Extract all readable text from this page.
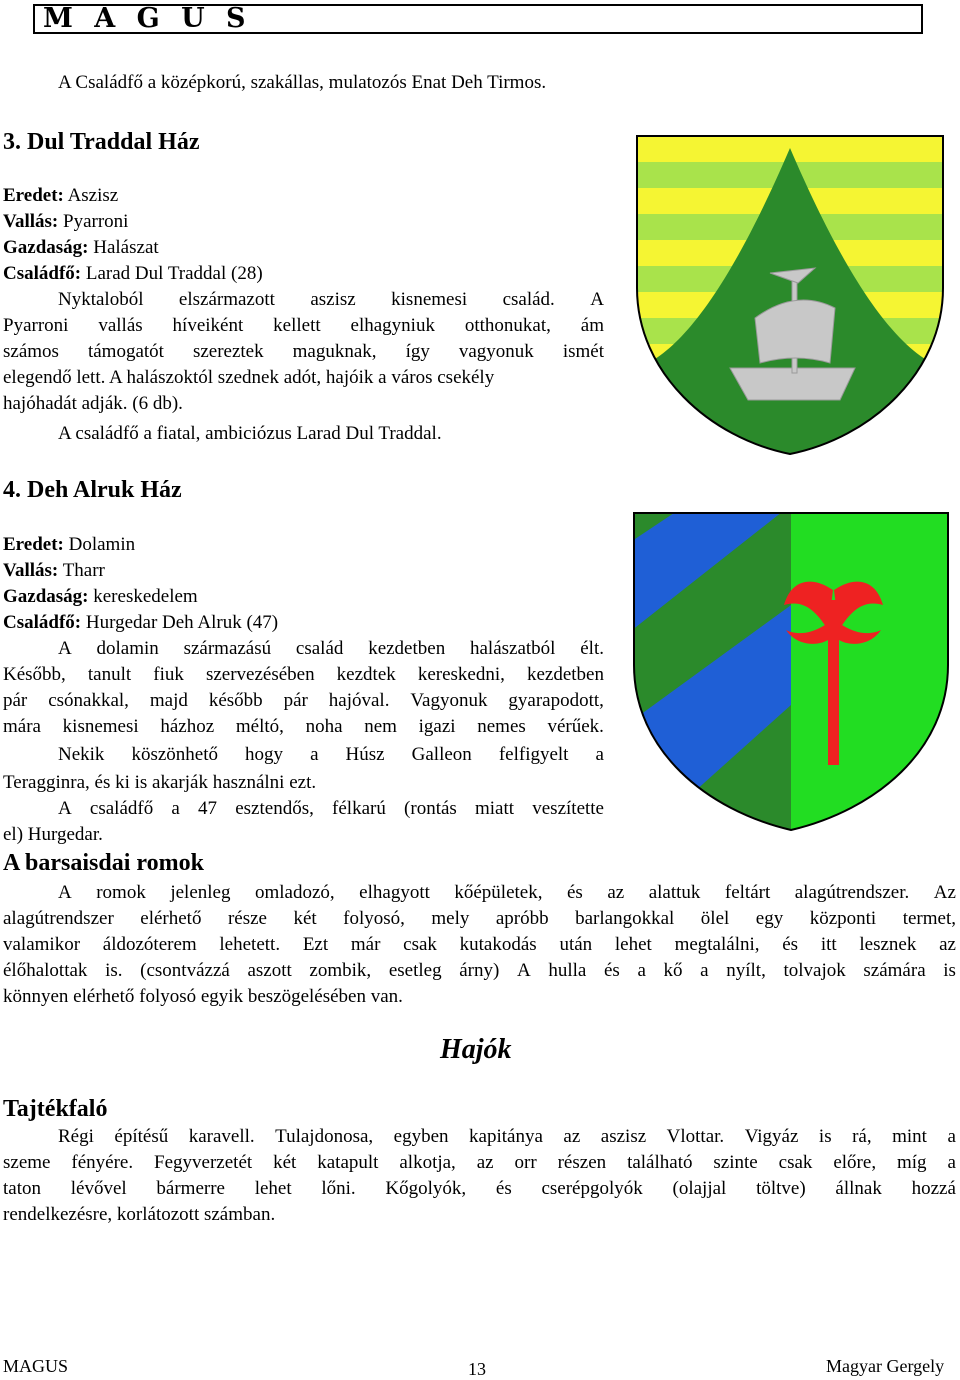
M A G U S
A Családfő a középkorú, szakállas, mulatozós Enat Deh Tirmos.
3. Dul Traddal Ház
Eredet: Aszisz
Vallás: Pyarroni
Gazdaság: Halászat
Családfő: Larad Dul Traddal (28)
Nyktaloból elszármazott aszisz kisnemesi család. A
Pyarroni vallás híveiként kellett elhagyniuk otthonukat, ám
számos támogatót szereztek maguknak, így vagyonuk ismét
elegendő lett. A halászoktól szednek adót, hajóik a város csekély
hajóhadát adják. (6 db).
A családfő a fiatal, ambiciózus Larad Dul Traddal.
4. Deh Alruk Ház
Eredet: Dolamin
Vallás: Tharr
Gazdaság: kereskedelem
Családfő: Hurgedar Deh Alruk (47)
A dolamin származású család kezdetben halászatból élt.
Később, tanult fiuk szervezésében kezdtek kereskedni, kezdetben
pár csónakkal, majd később pár hajóval. Vagyonuk gyarapodott,
mára kisnemesi házhoz méltó, noha nem igazi nemes vérűek.
Nekik köszönhető hogy a Húsz Galleon felfigyelt a
Teragginra, és ki is akarják használni ezt.
A családfő a 47 esztendős, félkarú (rontás miatt veszítette
el) Hurgedar.
A barsaisdai romok
A romok jelenleg omladozó, elhagyott kőépületek, és az alattuk feltárt alagútrendszer. Az
alagútrendszer elérhető része két folyosó, mely apróbb barlangokkal ölel egy központi termet,
valamikor áldozóterem lehetett. Ezt már csak kutakodás után lehet megtalálni, és itt lesznek az
élőhalottak is. (csontvázzá aszott zombik, esetleg árny) A hulla és a kő a nyílt, tolvajok számára is
könnyen elérhető folyosó egyik beszögelésében van.
Hajók
Tajtékfaló
Régi építésű karavell. Tulajdonosa, egyben kapitánya az aszisz Vlottar. Vigyáz is rá, mint a
szeme fényére. Fegyverzetét két katapult alkotja, az orr részen található szinte csak előre, míg a
taton lévővel bármerre lehet lőni. Kőgolyók, és cserépgolyók (olajjal töltve) állnak hozzá
rendelkezésre, korlátozott számban.
MAGUS	13	Magyar Gergely
